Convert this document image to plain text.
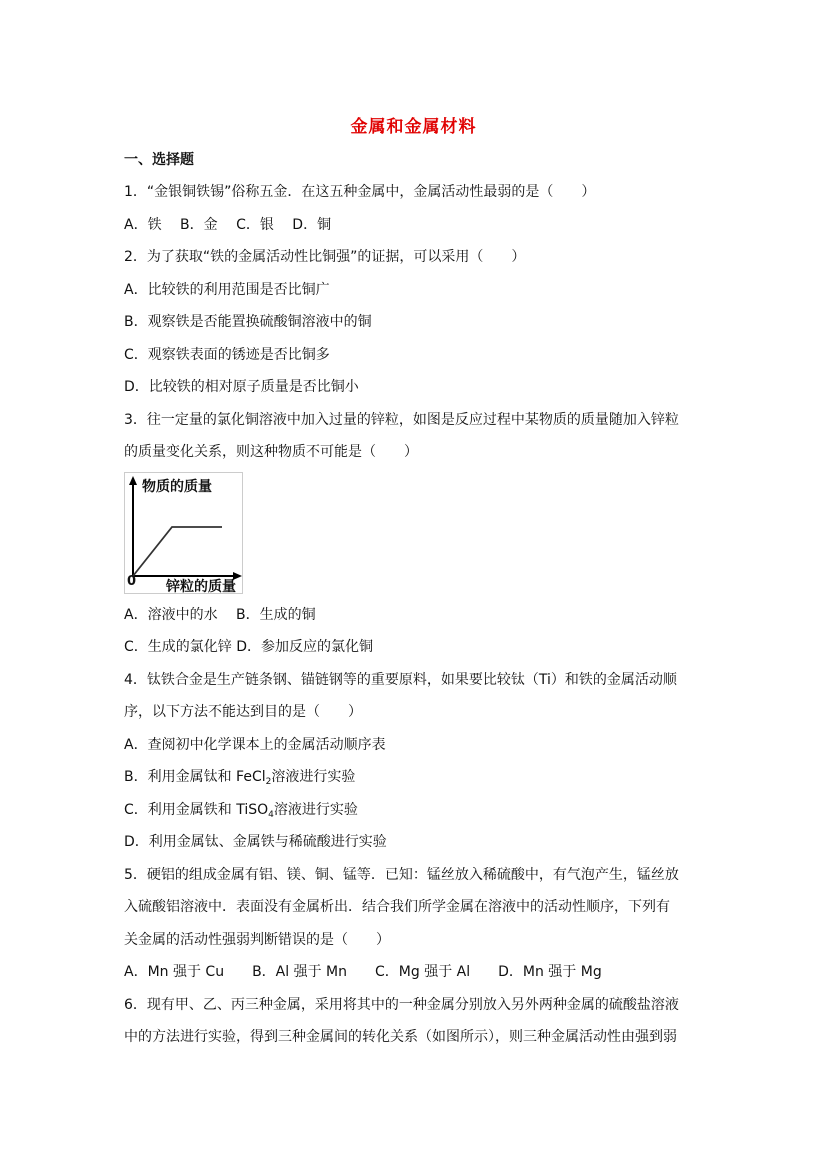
金属和金属材料
一、选择题
1．“金银铜铁锡”俗称五金．在这五种金属中，金属活动性最弱的是（　　）
A．铁　 B．金　 C．银　 D．铜
2．为了获取“铁的金属活动性比铜强”的证据，可以采用（　　）
A．比较铁的利用范围是否比铜广
B．观察铁是否能置换硫酸铜溶液中的铜
C．观察铁表面的锈迹是否比铜多
D．比较铁的相对原子质量是否比铜小
3．往一定量的氯化铜溶液中加入过量的锌粒，如图是反应过程中某物质的质量随加入锌粒
的质量变化关系，则这种物质不可能是（　　）
物质的质量
0 锌粒的质量
A．溶液中的水　 B．生成的铜
C．生成的氯化锌 D．参加反应的氯化铜
4．钛铁合金是生产链条钢、锚链钢等的重要原料，如果要比较钛（Ti）和铁的金属活动顺
序，以下方法不能达到目的是（　　）
A．查阅初中化学课本上的金属活动顺序表
B．利用金属钛和 FeCl$_2$溶液进行实验
C．利用金属铁和 TiSO$_4$溶液进行实验
D．利用金属钛、金属铁与稀硫酸进行实验
5．硬铝的组成金属有铝、镁、铜、锰等．已知：锰丝放入稀硫酸中，有气泡产生，锰丝放
入硫酸铝溶液中．表面没有金属析出．结合我们所学金属在溶液中的活动性顺序，下列有
关金属的活动性强弱判断错误的是（　　）
A．Mn 强于 Cu　　B．Al 强于 Mn　　C．Mg 强于 Al　　D．Mn 强于 Mg
6．现有甲、乙、丙三种金属，采用将其中的一种金属分别放入另外两种金属的硫酸盐溶液
中的方法进行实验，得到三种金属间的转化关系（如图所示），则三种金属活动性由强到弱
